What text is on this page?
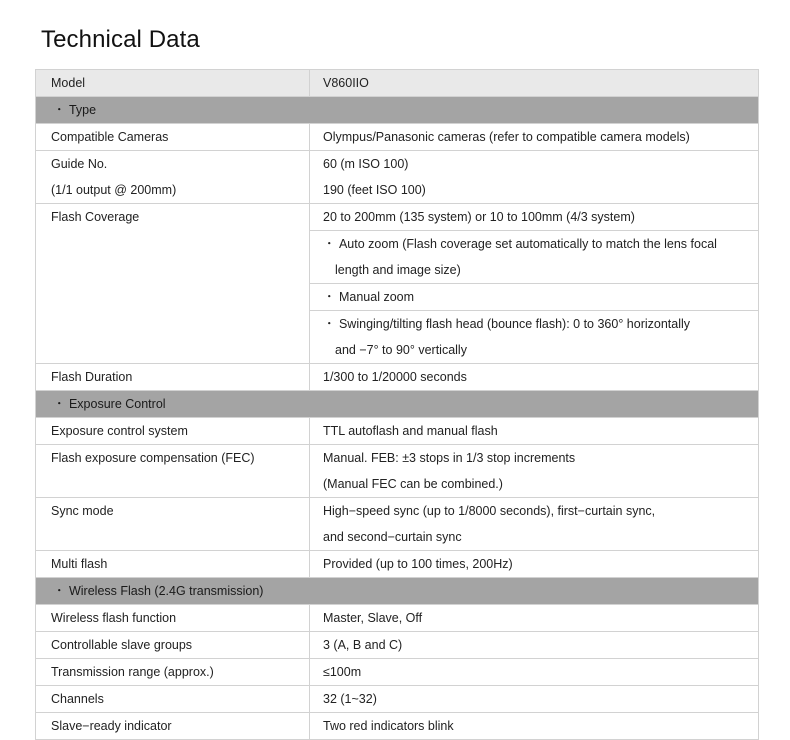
Technical Data
Model	V860IIO
・ Type	
Compatible Cameras	Olympus/Panasonic cameras (refer to compatible camera models)

Guide No.
(1/1 output @ 200mm)	60 (m ISO 100)
190 (feet ISO 100)

Flash Coverage	20 to 200mm (135 system) or 10 to 100mm (4/3 system)

	・ Auto zoom (Flash coverage set automatically to match the lens focal
length and image size)

	・ Manual zoom

	・ Swinging/tilting flash head (bounce flash): 0 to 360° horizontally
and −7° to 90° vertically

Flash Duration	1/300 to 1/20000 seconds
・ Exposure Control	
Exposure control system	TTL autoflash and manual flash
Flash exposure compensation (FEC)	Manual. FEB: ±3 stops in 1/3 stop increments
(Manual FEC can be combined.)

Sync mode	High−speed sync (up to 1/8000 seconds), first−curtain sync,
and second−curtain sync

Multi flash	Provided (up to 100 times, 200Hz)
・ Wireless Flash (2.4G transmission)	
Wireless flash function	Master, Slave, Off
Controllable slave groups	3 (A, B and C)
Transmission range (approx.)	≤100m
Channels	32 (1~32)
Slave−ready indicator	Two red indicators blink
